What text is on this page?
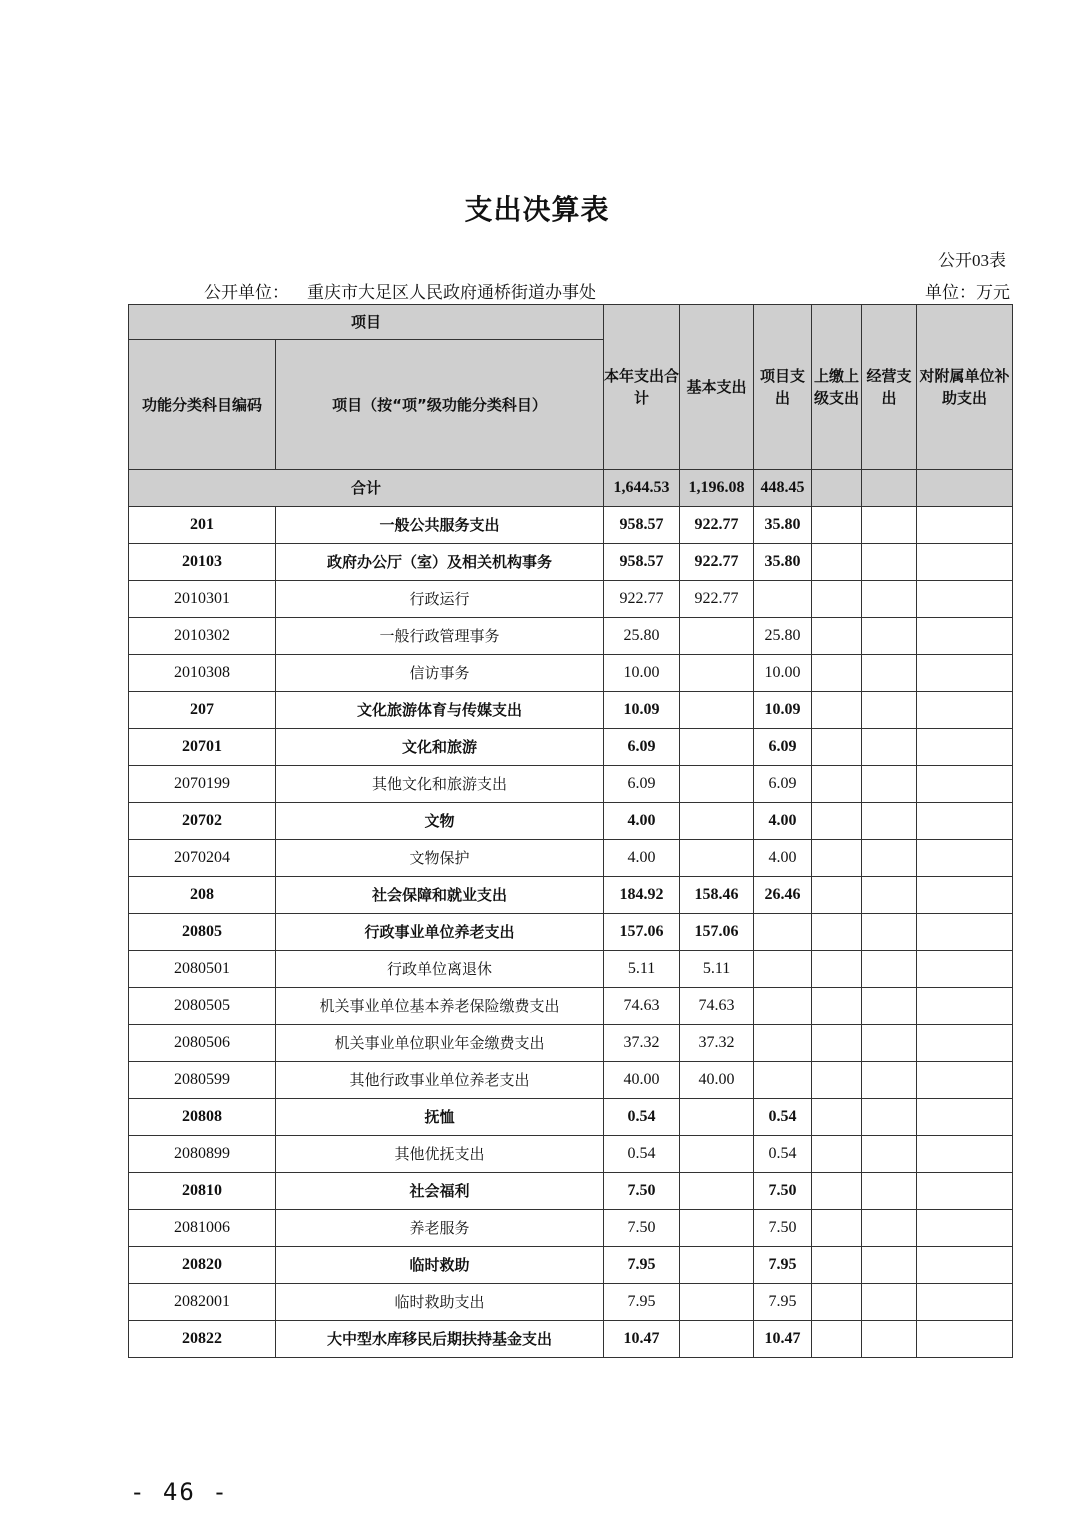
支出决算表
公开03表
公开单位： 重庆市大足区人民政府通桥街道办事处	单位：万元
项目		本年支出合计	基本支出	项目支出	上缴上级支出	经营支出	对附属单位补助支出
功能分类科目编码	项目（按“项”级功能分类科目）						
合计		1,644.53	1,196.08	448.45			
201	一般公共服务支出	958.57	922.77	35.80			
20103	政府办公厅（室）及相关机构事务	958.57	922.77	35.80			
2010301	行政运行	922.77	922.77				
2010302	一般行政管理事务	25.80		25.80			
2010308	信访事务	10.00		10.00			
207	文化旅游体育与传媒支出	10.09		10.09			
20701	文化和旅游	6.09		6.09			
2070199	其他文化和旅游支出	6.09		6.09			
20702	文物	4.00		4.00			
2070204	文物保护	4.00		4.00			
208	社会保障和就业支出	184.92	158.46	26.46			
20805	行政事业单位养老支出	157.06	157.06				
2080501	行政单位离退休	5.11	5.11				
2080505	机关事业单位基本养老保险缴费支出	74.63	74.63				
2080506	机关事业单位职业年金缴费支出	37.32	37.32				
2080599	其他行政事业单位养老支出	40.00	40.00				
20808	抚恤	0.54		0.54			
2080899	其他优抚支出	0.54		0.54			
20810	社会福利	7.50		7.50			
2081006	养老服务	7.50		7.50			
20820	临时救助	7.95		7.95			
2082001	临时救助支出	7.95		7.95			
20822	大中型水库移民后期扶持基金支出	10.47		10.47			
- 46 -
